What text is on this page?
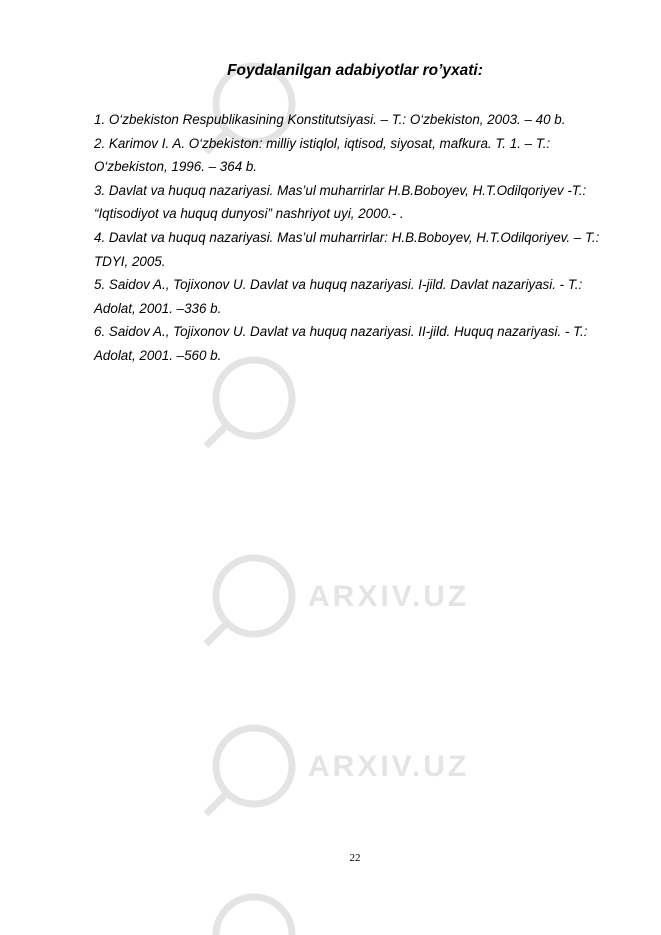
ARXIV.UZ
ARXIV.UZ
Foydalanilgan adabiyotlar ro’yxati:

1. O‘zbekiston Respublikasining Konstitutsiyasi. – T.: O‘zbekiston, 2003. – 40 b.

2. Karimov I. A. O‘zbekiston: milliy istiqlol, iqtisod, siyosat, mafkura. T. 1. – T.: O‘zbekiston, 1996. – 364 b.

3. Davlat va huquq nazariyasi. Mas’ul muharrirlar H.B.Boboyev, H.T.Odilqoriyev -T.: “Iqtisodiyot va huquq dunyosi” nashriyot uyi, 2000.- .

4. Davlat va huquq nazariyasi. Mas’ul muharrirlar: H.B.Boboyev, H.T.Odilqoriyev. – T.: TDYI, 2005.

5. Saidov A., Tojixonov U. Davlat va huquq nazariyasi. I-jild. Davlat nazariyasi. - T.: Adolat, 2001. –336 b.

6. Saidov A., Tojixonov U. Davlat va huquq nazariyasi. II-jild. Huquq nazariyasi. - T.: Adolat, 2001. –560 b.

22
